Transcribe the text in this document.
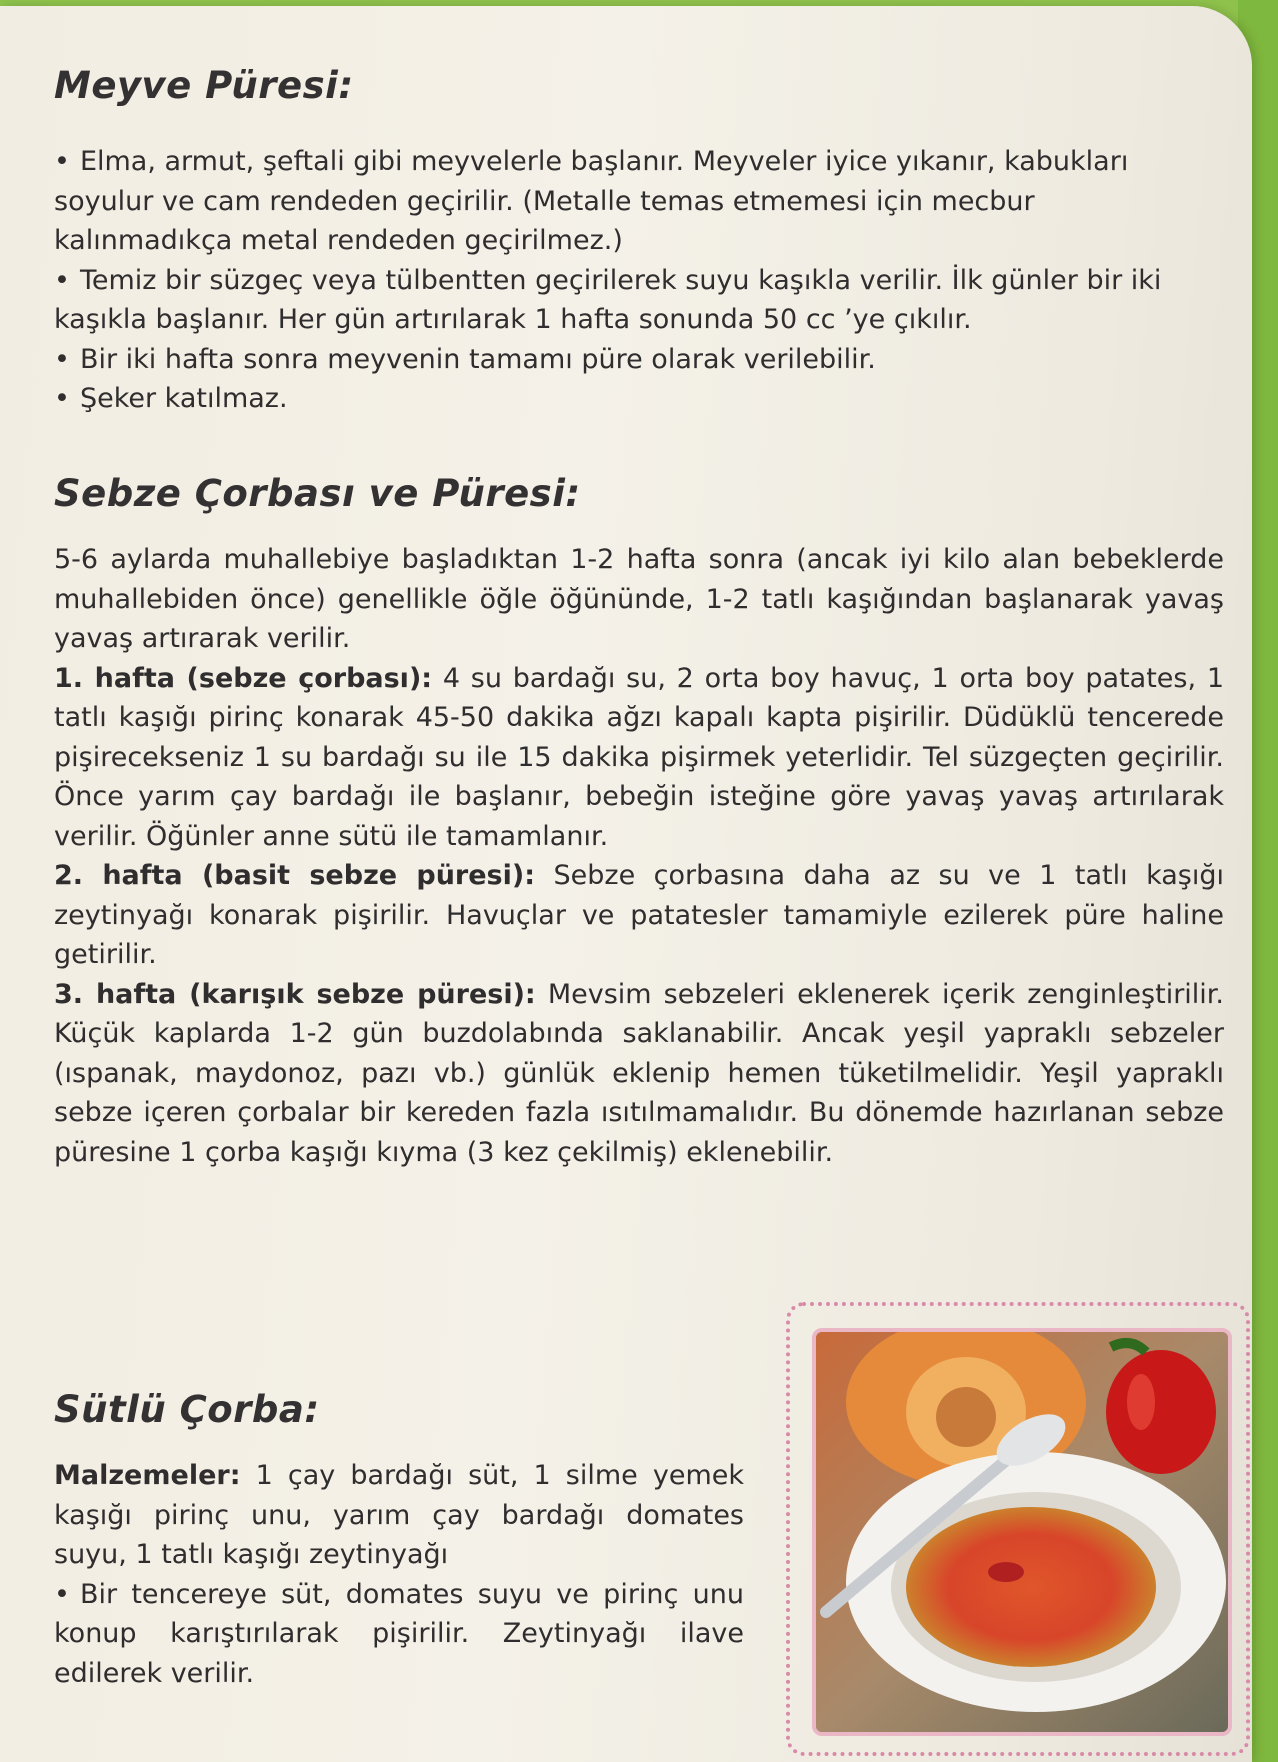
Meyve Püresi:

• Elma, armut, şeftali gibi meyvelerle başlanır. Meyveler iyice yıkanır, kabukları soyulur ve cam rendeden geçirilir. (Metalle temas etmemesi için mecbur kalınmadıkça metal rendeden geçirilmez.)

• Temiz bir süzgeç veya tülbentten geçirilerek suyu kaşıkla verilir. İlk günler bir iki kaşıkla başlanır. Her gün artırılarak 1 hafta sonunda 50 cc ’ye çıkılır.

• Bir iki hafta sonra meyvenin tamamı püre olarak verilebilir.

• Şeker katılmaz.

Sebze Çorbası ve Püresi:

5-6 aylarda muhallebiye başladıktan 1-2 hafta sonra (ancak iyi kilo alan bebeklerde muhallebiden önce) genellikle öğle öğününde, 1-2 tatlı kaşığından başlanarak yavaş yavaş artırarak verilir.

1. hafta (sebze çorbası): 4 su bardağı su, 2 orta boy havuç, 1 orta boy patates, 1 tatlı kaşığı pirinç konarak 45-50 dakika ağzı kapalı kapta pişirilir. Düdüklü tencerede pişirecekseniz 1 su bardağı su ile 15 dakika pişirmek yeterlidir. Tel süzgeçten geçirilir. Önce yarım çay bardağı ile başlanır, bebeğin isteğine göre yavaş yavaş artırılarak verilir. Öğünler anne sütü ile tamamlanır.

2. hafta (basit sebze püresi): Sebze çorbasına daha az su ve 1 tatlı kaşığı zeytinyağı konarak pişirilir. Havuçlar ve patatesler tamamiyle ezilerek püre haline getirilir.

3. hafta (karışık sebze püresi): Mevsim sebzeleri eklenerek içerik zenginleştirilir. Küçük kaplarda 1-2 gün buzdolabında saklanabilir. Ancak yeşil yapraklı sebzeler (ıspanak, maydonoz, pazı vb.) günlük eklenip hemen tüketilmelidir. Yeşil yapraklı sebze içeren çorbalar bir kereden fazla ısıtılmamalıdır. Bu dönemde hazırlanan sebze püresine 1 çorba kaşığı kıyma (3 kez çekilmiş) eklenebilir.

Sütlü Çorba:

Malzemeler: 1 çay bardağı süt, 1 silme yemek kaşığı pirinç unu, yarım çay bardağı domates suyu, 1 tatlı kaşığı zeytinyağı

• Bir tencereye süt, domates suyu ve pirinç unu konup karıştırılarak pişirilir. Zeytinyağı ilave edilerek verilir.
